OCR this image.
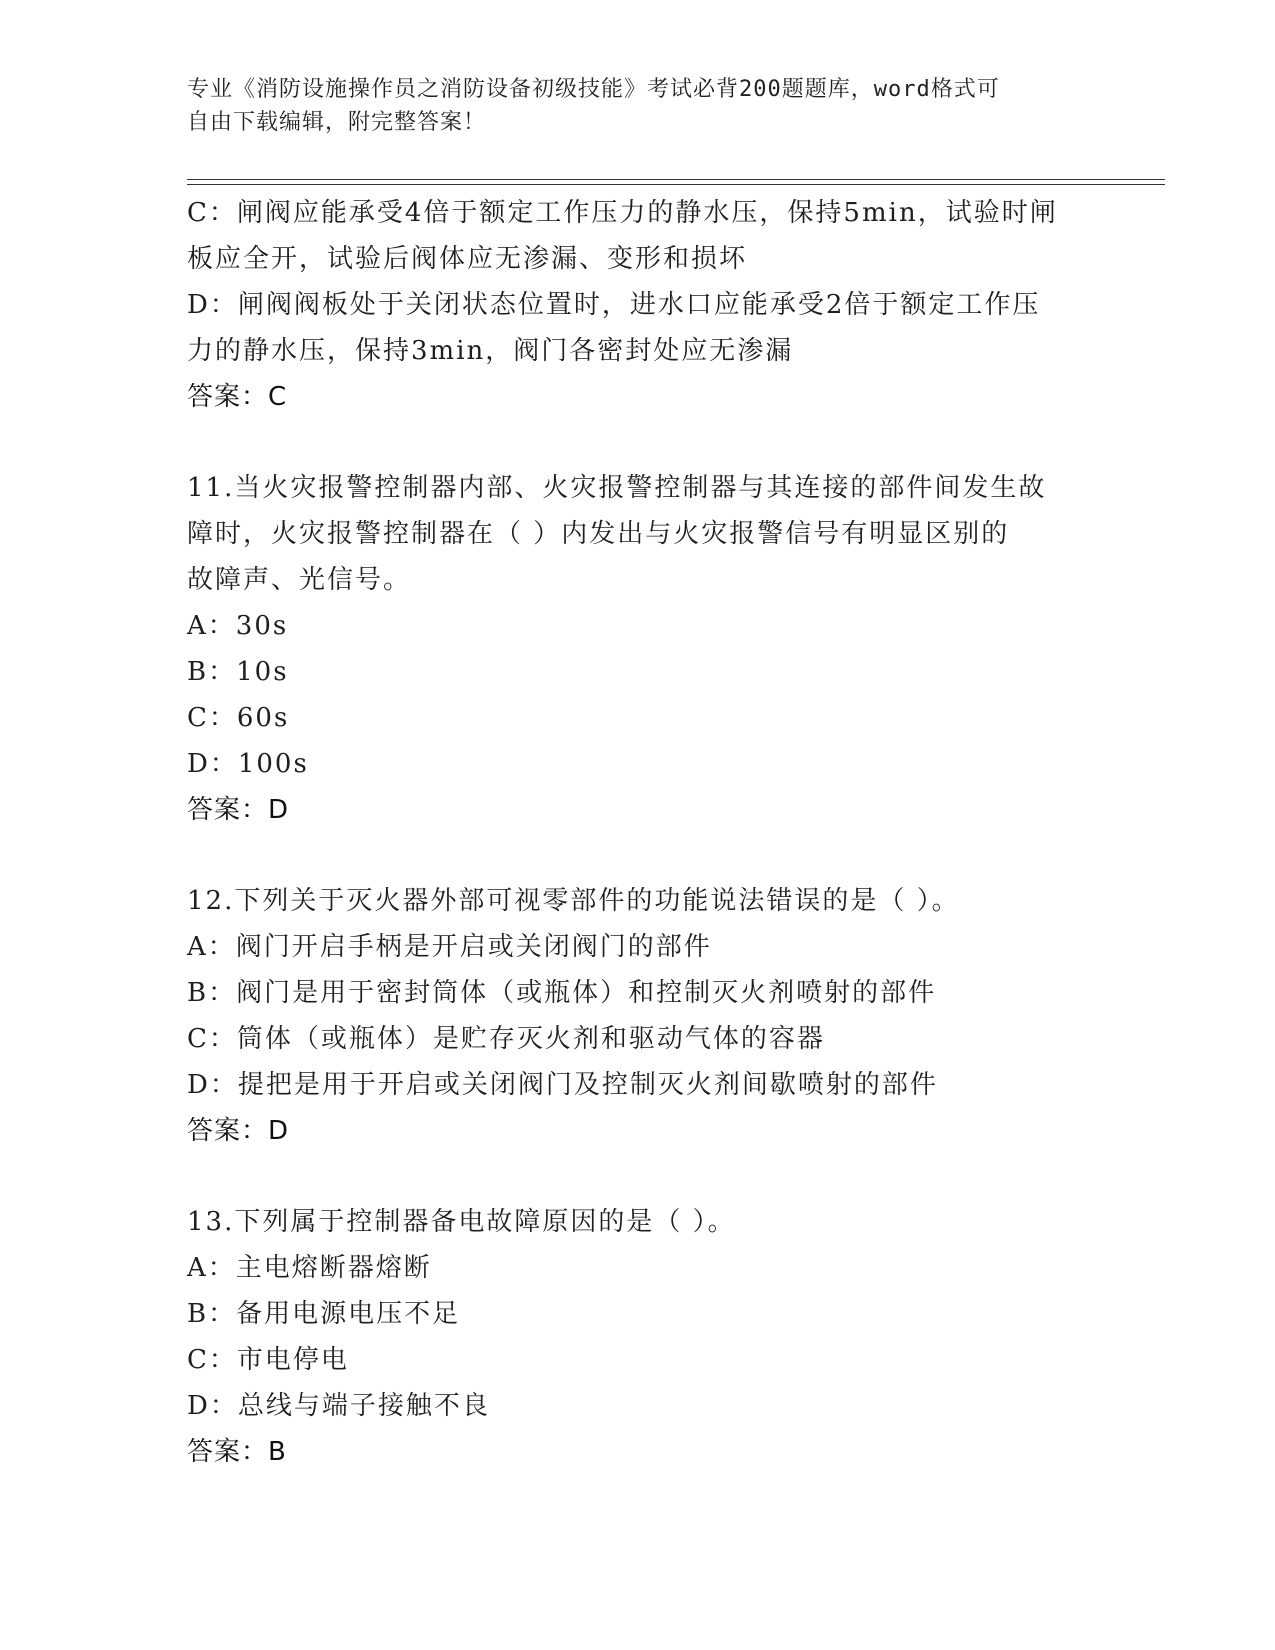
专业《消防设施操作员之消防设备初级技能》考试必背200题题库，word格式可
自由下载编辑，附完整答案！
C：闸阀应能承受4倍于额定工作压力的静水压，保持5min，试验时闸
板应全开，试验后阀体应无渗漏、变形和损坏
D：闸阀阀板处于关闭状态位置时，进水口应能承受2倍于额定工作压
力的静水压，保持3min，阀门各密封处应无渗漏
答案：C
11.当火灾报警控制器内部、火灾报警控制器与其连接的部件间发生故
障时，火灾报警控制器在（ ）内发出与火灾报警信号有明显区别的
故障声、光信号。
A：30s
B：10s
C：60s
D：100s
答案：D
12.下列关于灭火器外部可视零部件的功能说法错误的是（ ）。
A：阀门开启手柄是开启或关闭阀门的部件
B：阀门是用于密封筒体（或瓶体）和控制灭火剂喷射的部件
C：筒体（或瓶体）是贮存灭火剂和驱动气体的容器
D：提把是用于开启或关闭阀门及控制灭火剂间歇喷射的部件
答案：D
13.下列属于控制器备电故障原因的是（ ）。
A：主电熔断器熔断
B：备用电源电压不足
C：市电停电
D：总线与端子接触不良
答案：B
